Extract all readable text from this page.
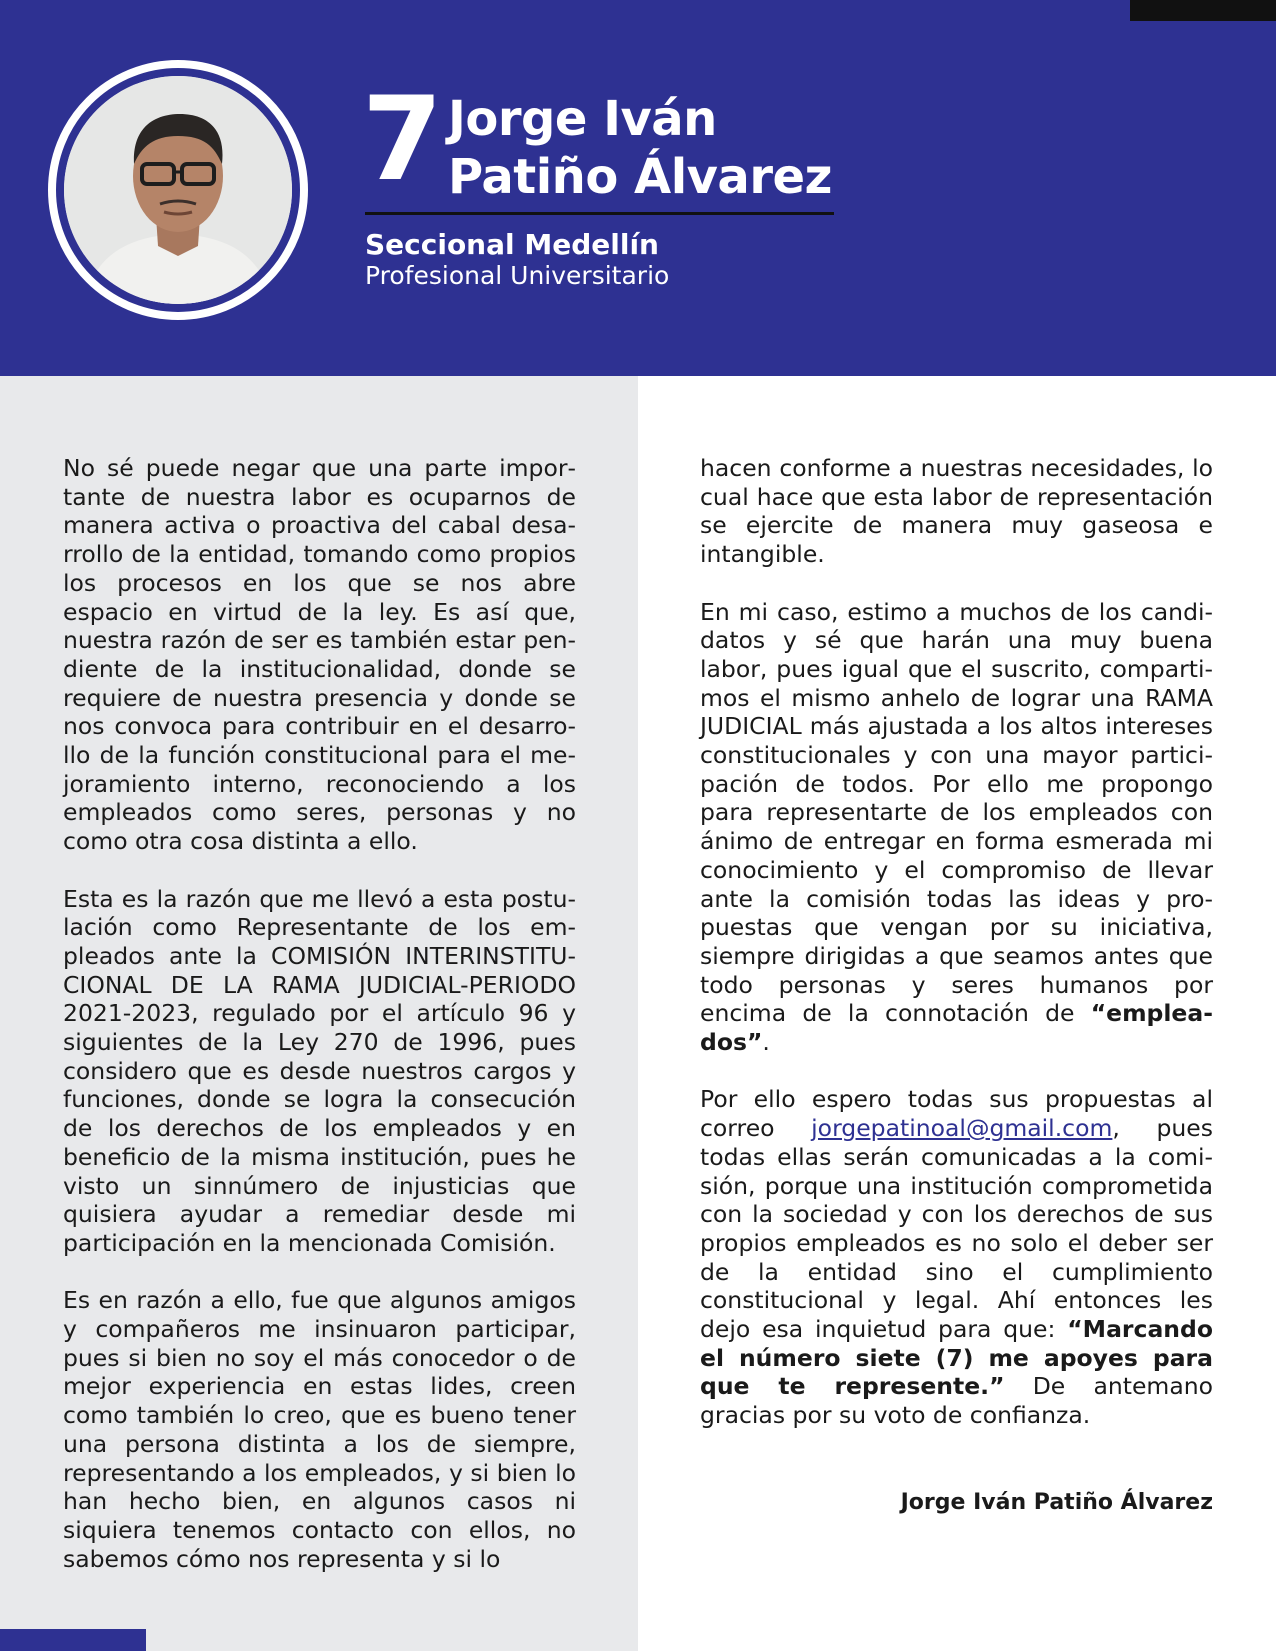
7 Jorge Iván
Patiño Álvarez
Seccional Medellín
Profesional Universitario

No sé puede negar que una parte importante de nuestra labor es ocuparnos de manera activa o proactiva del cabal desarrollo de la entidad, tomando como propios los procesos en los que se nos abre espacio en virtud de la ley. Es así que, nuestra razón de ser es también estar pendiente de la institucionalidad, donde se requiere de nuestra presencia y donde se nos convoca para contribuir en el desarrollo de la función constitucional para el mejoramiento interno, reconociendo a los empleados como seres, personas y no como otra cosa distinta a ello.

Esta es la razón que me llevó a esta postulación como Representante de los empleados ante la COMISIÓN INTERINSTITUCIONAL DE LA RAMA JUDICIAL-PERIODO 2021-2023, regulado por el artículo 96 y siguientes de la Ley 270 de 1996, pues considero que es desde nuestros cargos y funciones, donde se logra la consecución de los derechos de los empleados y en beneficio de la misma institución, pues he visto un sinnúmero de injusticias que quisiera ayudar a remediar desde mi participación en la mencionada Comisión.

Es en razón a ello, fue que algunos amigos y compañeros me insinuaron participar, pues si bien no soy el más conocedor o de mejor experiencia en estas lides, creen como también lo creo, que es bueno tener una persona distinta a los de siempre, representando a los empleados, y si bien lo han hecho bien, en algunos casos ni siquiera tenemos contacto con ellos, no sabemos cómo nos representa y si lo

hacen conforme a nuestras necesidades, lo cual hace que esta labor de representación se ejercite de manera muy gaseosa e intangible.

En mi caso, estimo a muchos de los candidatos y sé que harán una muy buena labor, pues igual que el suscrito, compartimos el mismo anhelo de lograr una RAMA JUDICIAL más ajustada a los altos intereses constitucionales y con una mayor participación de todos. Por ello me propongo para representarte de los empleados con ánimo de entregar en forma esmerada mi conocimiento y el compromiso de llevar ante la comisión todas las ideas y propuestas que vengan por su iniciativa, siempre dirigidas a que seamos antes que todo personas y seres humanos por encima de la connotación de “empleados”.

Por ello espero todas sus propuestas al correo jorgepatinoal@gmail.com, pues todas ellas serán comunicadas a la comisión, porque una institución comprometida con la sociedad y con los derechos de sus propios empleados es no solo el deber ser de la entidad sino el cumplimiento constitucional y legal. Ahí entonces les dejo esa inquietud para que: “Marcando el número siete (7) me apoyes para que te represente.” De antemano gracias por su voto de confianza.

Jorge Iván Patiño Álvarez
